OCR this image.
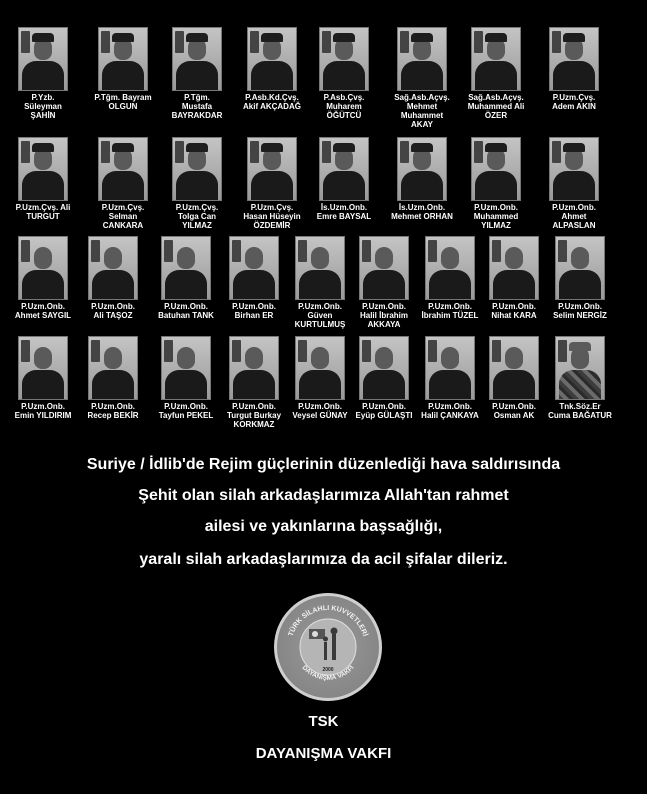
P.Yzb.
Süleyman
ŞAHİN
P.Tğm. Bayram
OLGUN
P.Tğm.
Mustafa
BAYRAKDAR
P.Asb.Kd.Çvş.
Akif AKÇADAĞ
P.Asb.Çvş.
Muharem
ÖĞÜTCÜ
Sağ.Asb.Açvş.
Mehmet
Muhammet
AKAY
Sağ.Asb.Açvş.
Muhammed Ali
ÖZER
P.Uzm.Çvş.
Adem AKIN
P.Uzm.Çvş. Ali
TURGUT
P.Uzm.Çvş.
Selman
CANKARA
P.Uzm.Çvş.
Tolga Can
YILMAZ
P.Uzm.Çvş.
Hasan Hüseyin
ÖZDEMİR
İs.Uzm.Onb.
Emre BAYSAL
İs.Uzm.Onb.
Mehmet ORHAN
P.Uzm.Onb.
Muhammed YILMAZ
P.Uzm.Onb.
Ahmet
ALPASLAN
P.Uzm.Onb.
Ahmet SAYGIL
P.Uzm.Onb.
Ali TAŞOZ
P.Uzm.Onb.
Batuhan TANK
P.Uzm.Onb.
Birhan ER
P.Uzm.Onb.
Güven
KURTULMUŞ
P.Uzm.Onb.
Halil İbrahim
AKKAYA
P.Uzm.Onb.
İbrahim TÜZEL
P.Uzm.Onb.
Nihat KARA
P.Uzm.Onb.
Selim NERGİZ
P.Uzm.Onb.
Emin YILDIRIM
P.Uzm.Onb.
Recep BEKİR
P.Uzm.Onb.
Tayfun PEKEL
P.Uzm.Onb.
Turgut Burkay
KORKMAZ
P.Uzm.Onb.
Veysel GÜNAY
P.Uzm.Onb.
Eyüp GÜLAŞTI
P.Uzm.Onb.
Halil ÇANKAYA
P.Uzm.Onb.
Osman AK
Tnk.Söz.Er
Cuma BAĞATUR
Suriye / İdlib'de Rejim güçlerinin düzenlediği hava saldırısında
Şehit olan silah arkadaşlarımıza Allah'tan rahmet
ailesi ve yakınlarına başsağlığı,
yaralı silah arkadaşlarımıza da acil şifalar dileriz.
TÜRK SİLAHLI KUVVETLERİ
DAYANIŞMA VAKFI
2000
TSK
DAYANIŞMA VAKFI
